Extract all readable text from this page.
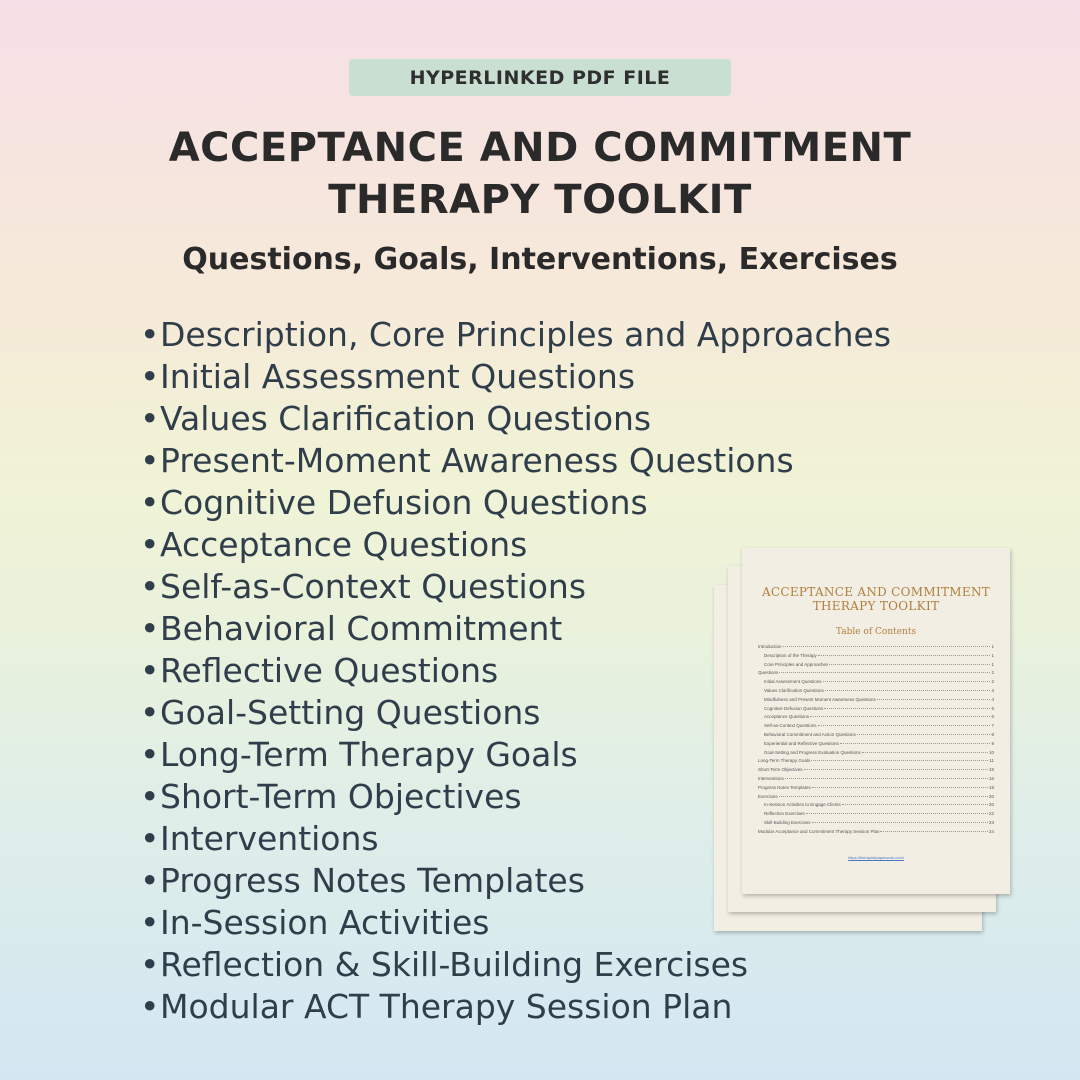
HYPERLINKED PDF FILE
ACCEPTANCE AND COMMITMENT
THERAPY TOOLKIT
Questions, Goals, Interventions, Exercises
•Description, Core Principles and Approaches
•Initial Assessment Questions
•Values Clarification Questions
•Present-Moment Awareness Questions
•Cognitive Defusion Questions
•Acceptance Questions
•Self-as-Context Questions
•Behavioral Commitment
•Reflective Questions
•Goal-Setting Questions
•Long-Term Therapy Goals
•Short-Term Objectives
•Interventions
•Progress Notes Templates
•In-Session Activities
•Reflection & Skill-Building Exercises
•Modular ACT Therapy Session Plan
ACCEPTANCE AND COMMITMENT
THERAPY TOOLKIT
Table of Contents
Introduction	1
Description of the Therapy	1
Core Principles and Approaches	1
Questions	2
Initial Assessment Questions	2
Values Clarification Questions	3
Mindfulness and Present Moment Awareness Questions	4
Cognitive Defusion Questions	5
Acceptance Questions	6
Self-as-Context Questions	7
Behavioral Commitment and Action Questions	8
Experiential and Reflective Questions	9
Goal-Setting and Progress Evaluation Questions	10
Long-Term Therapy Goals	11
Short-Term Objectives	15
Interventions	16
Progress Notes Templates	19
Exercises	20
In-Session Activities to Engage Clients	20
Reflection Exercises	22
Skill-Building Exercises	23
Modular Acceptance and Commitment Therapy Session Plan	24
https://therapistpaperwork.com/
